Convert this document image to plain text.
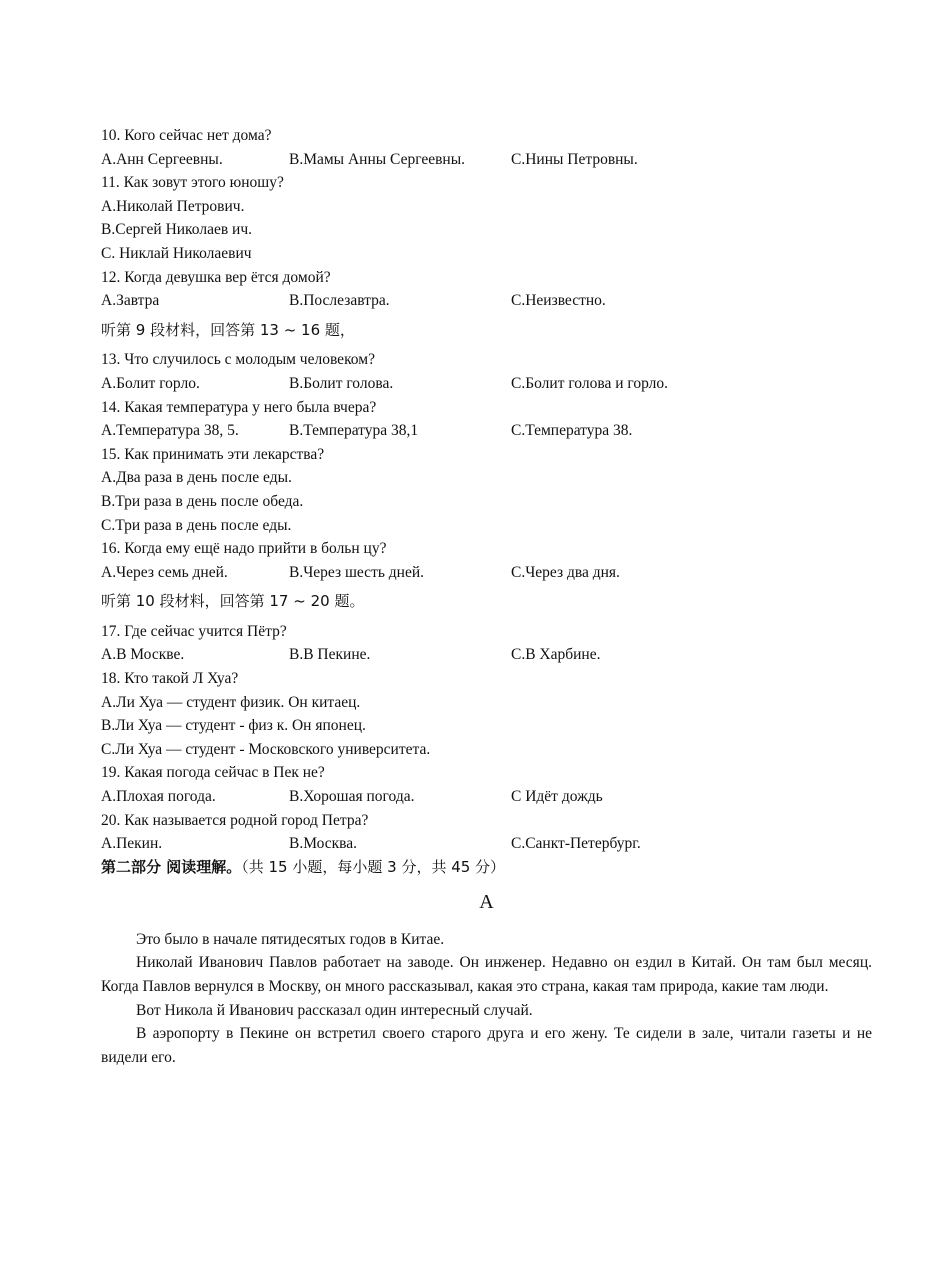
10. Кого сейчас нет дома?
A.Анн Сергеевны.	B.Мамы Анны Сергеевны.	C.Нины Петровны.
11. Как зовут этого юношу?
A.Николай Петрович.
B.Сергей Николаев ич.
C. Никлай Николаевич
12. Когда девушка вер ётся домой?
A.Завтра	B.Послезавтра.	C.Неизвестно.
听第 9 段材料，回答第 13 ~ 16 题，
13. Что случилось с молодым человеком?
A.Болит горло.	B.Болит голова.	C.Болит голова и горло.
14. Какая температура у него была вчера?
A.Температура 38, 5.	B.Температура 38,1	C.Температура 38.
15. Как принимать эти лекарства?
A.Два раза в день после еды.
B.Три раза в день после обеда.
C.Три раза в день после еды.
16. Когда ему ещё надо прийти в больн цу?
A.Через семь дней.	B.Через шесть дней.	C.Через два дня.
听第 10 段材料，回答第 17 ~ 20 题。
17. Где сейчас учится Пётр?
A.В Москве.	B.В Пекине.	C.В Харбине.
18. Кто такой Л Хуа?
A.Ли Хуа — студент физик. Он китаец.
B.Ли Хуа — студент - физ к. Он японец.
C.Ли Хуа — студент - Московского университета.
19. Какая погода сейчас в Пек не?
A.Плохая погода.	B.Хорошая погода.	C Идёт дождь
20. Как называется родной город Петра?
A.Пекин.	B.Москва.	C.Санкт-Петербург.
第二部分 阅读理解。（共 15 小题，每小题 3 分，共 45 分）
A

Это было в начале пятидесятых годов в Китае.

Николай Иванович Павлов работает на заводе. Он инженер. Недавно он ездил в Китай. Он там был месяц. Когда Павлов вернулся в Москву, он много рассказывал, какая это страна, какая там природа, какие там люди.

Вот Никола й Иванович рассказал один интересный случай.

В аэропорту в Пекине он встретил своего старого друга и его жену. Те сидели в зале, читали газеты и не видели его.
